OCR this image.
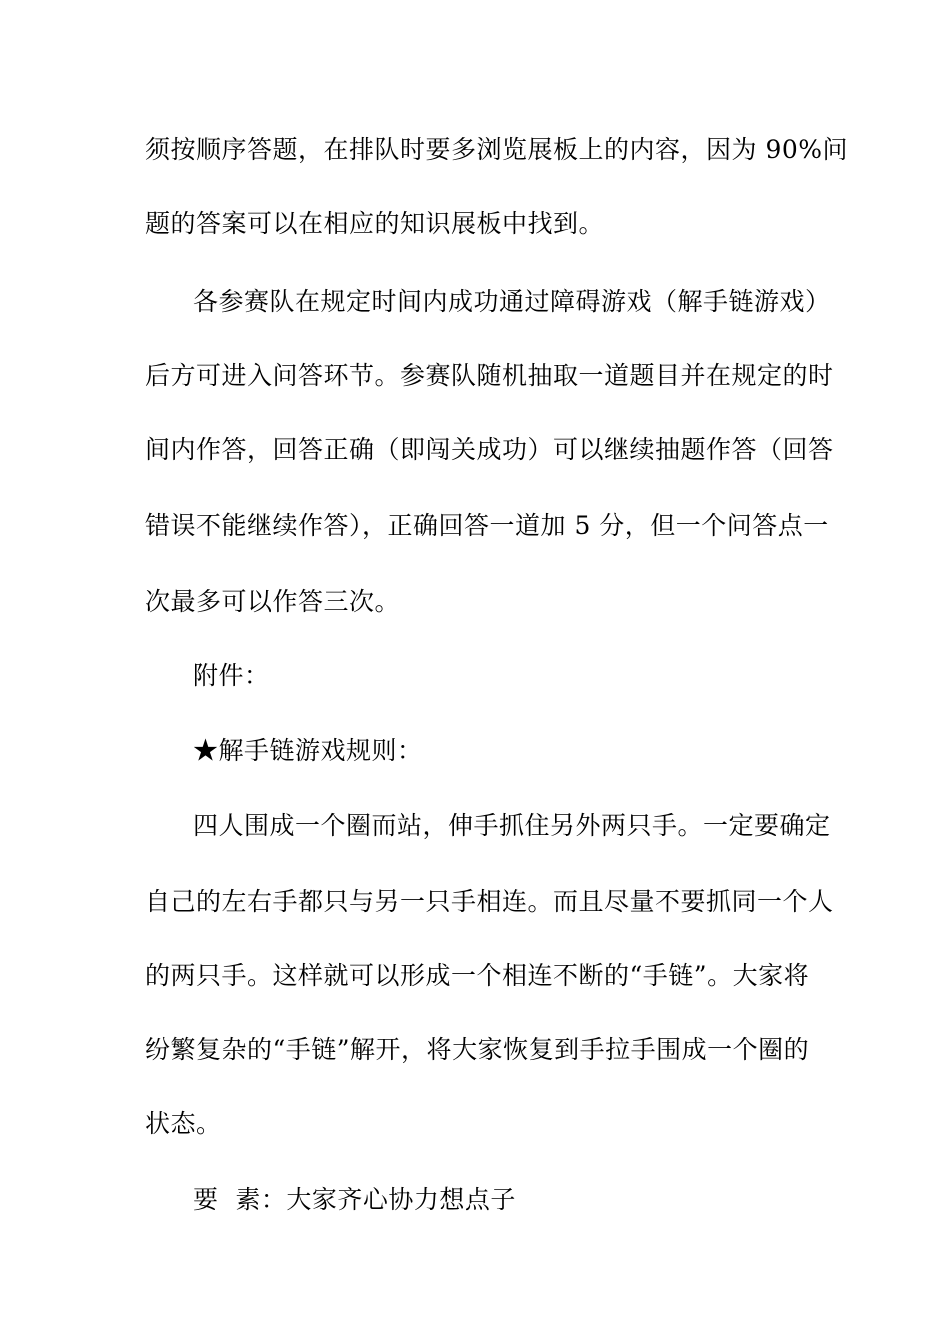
须按顺序答题，在排队时要多浏览展板上的内容，因为 90%问
题的答案可以在相应的知识展板中找到。
各参赛队在规定时间内成功通过障碍游戏（解手链游戏）
后方可进入问答环节。参赛队随机抽取一道题目并在规定的时
间内作答，回答正确（即闯关成功）可以继续抽题作答（回答
错误不能继续作答），正确回答一道加 5 分，但一个问答点一
次最多可以作答三次。
附件：
★解手链游戏规则：
四人围成一个圈而站，伸手抓住另外两只手。一定要确定
自己的左右手都只与另一只手相连。而且尽量不要抓同一个人
的两只手。这样就可以形成一个相连不断的“手链”。大家将
纷繁复杂的“手链”解开，将大家恢复到手拉手围成一个圈的
状态。
要  素：大家齐心协力想点子
